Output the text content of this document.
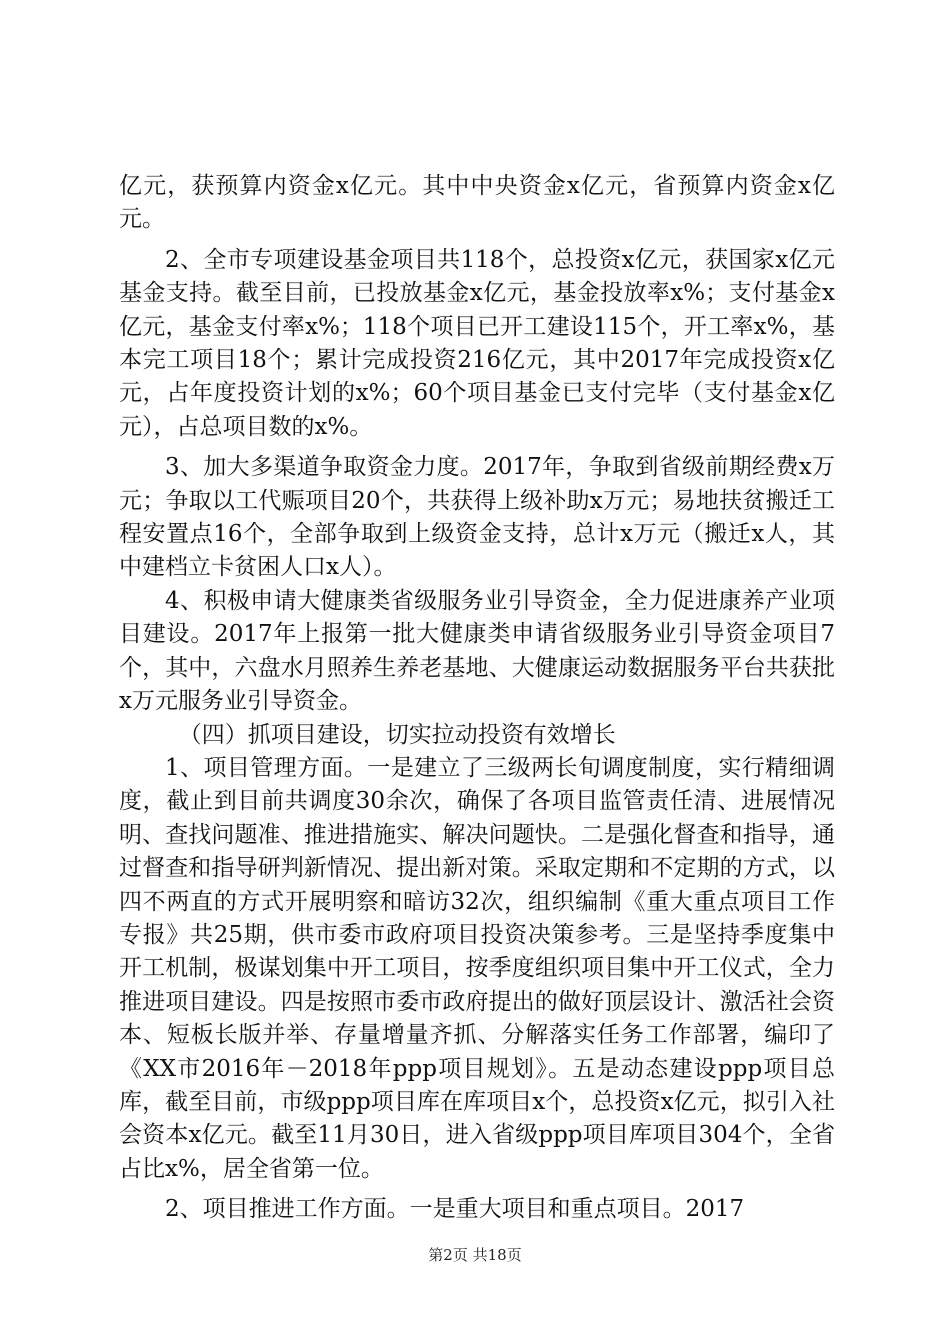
亿元，获预算内资金x亿元。其中中央资金x亿元，省预算内资金x亿元。

2、全市专项建设基金项目共118个，总投资x亿元，获国家x亿元基金支持。截至目前，已投放基金x亿元，基金投放率x%；支付基金x亿元，基金支付率x%；118个项目已开工建设115个，开工率x%，基本完工项目18个；累计完成投资216亿元，其中2017年完成投资x亿元，占年度投资计划的x%；60个项目基金已支付完毕（支付基金x亿元），占总项目数的x%。

3、加大多渠道争取资金力度。2017年，争取到省级前期经费x万元；争取以工代赈项目20个，共获得上级补助x万元；易地扶贫搬迁工程安置点16个，全部争取到上级资金支持，总计x万元（搬迁x人，其中建档立卡贫困人口x人）。

4、积极申请大健康类省级服务业引导资金，全力促进康养产业项目建设。2017年上报第一批大健康类申请省级服务业引导资金项目7个，其中，六盘水月照养生养老基地、大健康运动数据服务平台共获批x万元服务业引导资金。

（四）抓项目建设，切实拉动投资有效增长

1、项目管理方面。一是建立了三级两长旬调度制度，实行精细调度，截止到目前共调度30余次，确保了各项目监管责任清、进展情况明、查找问题准、推进措施实、解决问题快。二是强化督查和指导，通过督查和指导研判新情况、提出新对策。采取定期和不定期的方式，以四不两直的方式开展明察和暗访32次，组织编制《重大重点项目工作专报》共25期，供市委市政府项目投资决策参考。三是坚持季度集中开工机制，极谋划集中开工项目，按季度组织项目集中开工仪式，全力推进项目建设。四是按照市委市政府提出的做好顶层设计、激活社会资本、短板长版并举、存量增量齐抓、分解落实任务工作部署，编印了《XX市2016年－2018年ppp项目规划》。五是动态建设ppp项目总库，截至目前，市级ppp项目库在库项目x个，总投资x亿元，拟引入社会资本x亿元。截至11月30日，进入省级ppp项目库项目304个，全省占比x%，居全省第一位。

2、项目推进工作方面。一是重大项目和重点项目。2017

第2页 共18页
